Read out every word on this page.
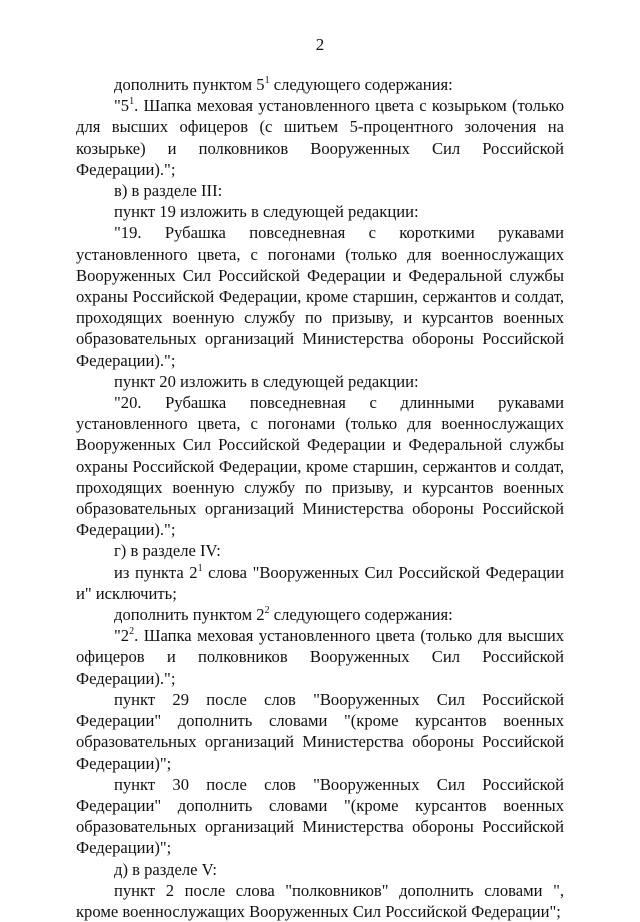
2

дополнить пунктом $5^1$ следующего содержания:

"$5^1$. Шапка меховая установленного цвета с козырьком (только для высших офицеров (с шитьем 5-процентного золочения на козырьке) и полковников Вооруженных Сил Российской Федерации).";

в) в разделе III:

пункт 19 изложить в следующей редакции:

"19. Рубашка повседневная с короткими рукавами установленного цвета, с погонами (только для военнослужащих Вооруженных Сил Российской Федерации и Федеральной службы охраны Российской Федерации, кроме старшин, сержантов и солдат, проходящих военную службу по призыву, и курсантов военных образовательных организаций Министерства обороны Российской Федерации).";

пункт 20 изложить в следующей редакции:

"20. Рубашка повседневная с длинными рукавами установленного цвета, с погонами (только для военнослужащих Вооруженных Сил Российской Федерации и Федеральной службы охраны Российской Федерации, кроме старшин, сержантов и солдат, проходящих военную службу по призыву, и курсантов военных образовательных организаций Министерства обороны Российской Федерации).";

г) в разделе IV:

из пункта $2^1$ слова "Вооруженных Сил Российской Федерации и" исключить;

дополнить пунктом $2^2$ следующего содержания:

"$2^2$. Шапка меховая установленного цвета (только для высших офицеров и полковников Вооруженных Сил Российской Федерации).";

пункт 29 после слов "Вооруженных Сил Российской Федерации" дополнить словами "(кроме курсантов военных образовательных организаций Министерства обороны Российской Федерации)";

пункт 30 после слов "Вооруженных Сил Российской Федерации" дополнить словами "(кроме курсантов военных образовательных организаций Министерства обороны Российской Федерации)";

д) в разделе V:

пункт 2 после слова "полковников" дополнить словами ", кроме военнослужащих Вооруженных Сил Российской Федерации";
